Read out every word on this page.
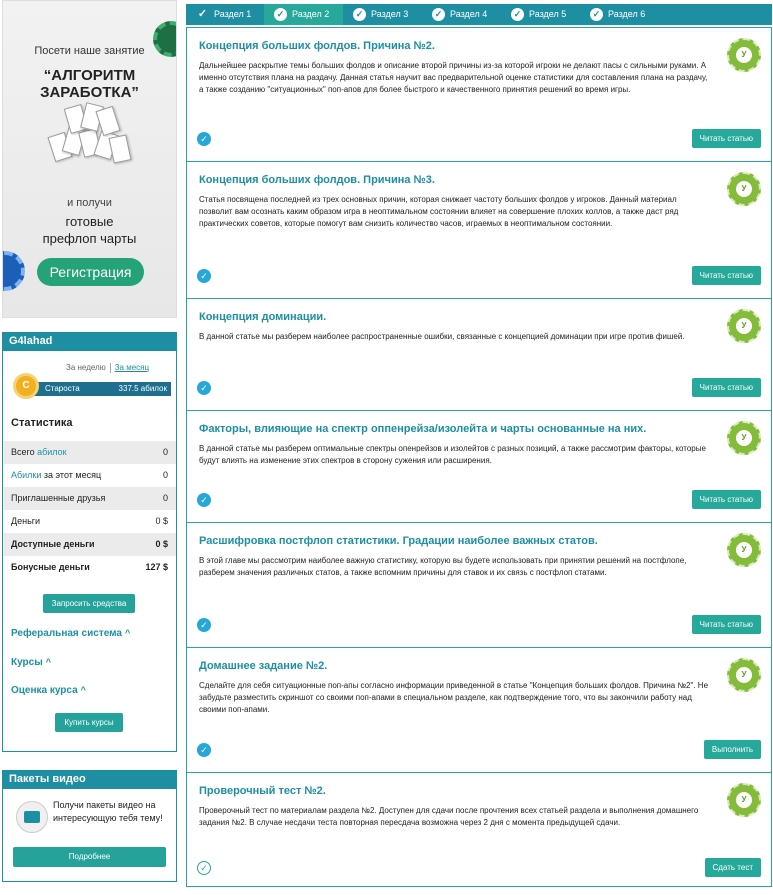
Посети наше занятие
“АЛГОРИТМ ЗАРАБОТКА”
и получи
готовые
префлоп чарты
Регистрация
G4lahad
За неделю За месяц
С	Староста	337.5 абилок
Статистика
Всего абилок	0
Абилки за этот месяц	0
Приглашенные друзья	0
Деньги	0 $
Доступные деньги	0 $
Бонусные деньги	127 $
Запросить средства
Реферальная система ^
Курсы ^
Оценка курса ^
Купить курсы
Пакеты видео
Получи пакеты видео на интересующую тебя тему!
Подробнее
✓ Раздел 1	✓ Раздел 2	✓ Раздел 3	✓ Раздел 4	✓ Раздел 5	✓ Раздел 6
Концепция больших фолдов. Причина №2.

Дальнейшее раскрытие темы больших фолдов и описание второй причины из-за которой игроки не делают пасы с сильными руками. А именно отсутствия плана на раздачу. Данная статья научит вас предварительной оценке статистики для составления плана на раздачу, а также созданию "ситуационных" поп-апов для более быстрого и качественного принятия решений во время игры.

У
✓	Читать статью
Концепция больших фолдов. Причина №3.

Статья посвящена последней из трех основных причин, которая снижает частоту больших фолдов у игроков. Данный материал позволит вам осознать каким образом игра в неоптимальном состоянии влияет на совершение плохих коллов, а также даст ряд практических советов, которые помогут вам снизить количество часов, играемых в неоптимальном состоянии.

У
✓	Читать статью
Концепция доминации.

В данной статье мы разберем наиболее распространенные ошибки, связанные с концепцией доминации при игре против фишей.

У
✓	Читать статью
Факторы, влияющие на спектр оппенрейза/изолейта и чарты основанные на них.

В данной статье мы разберем оптимальные спектры опенрейзов и изолейтов с разных позиций, а также рассмотрим факторы, которые будут влиять на изменение этих спектров в сторону сужения или расширения.

У
✓	Читать статью
Расшифровка постфлоп статистики. Градации наиболее важных статов.

В этой главе мы рассмотрим наиболее важную статистику, которую вы будете использовать при принятии решений на постфлопе, разберем значения различных статов, а также вспомним причины для ставок и их связь с постфлоп статами.

У
✓	Читать статью
Домашнее задание №2.

Сделайте для себя ситуационные поп-апы согласно информации приведенной в статье "Концепция больших фолдов. Причина №2". Не забудьте разместить скриншот со своими поп-апами в специальном разделе, как подтверждение того, что вы закончили работу над своими поп-апами.

У
✓	Выполнить
Проверочный тест №2.

Проверочный тест по материалам раздела №2. Доступен для сдачи после прочтения всех статьей раздела и выполнения домашнего задания №2. В случае несдачи теста повторная пересдача возможна через 2 дня с момента предыдущей сдачи.

У
✓	Сдать тест
